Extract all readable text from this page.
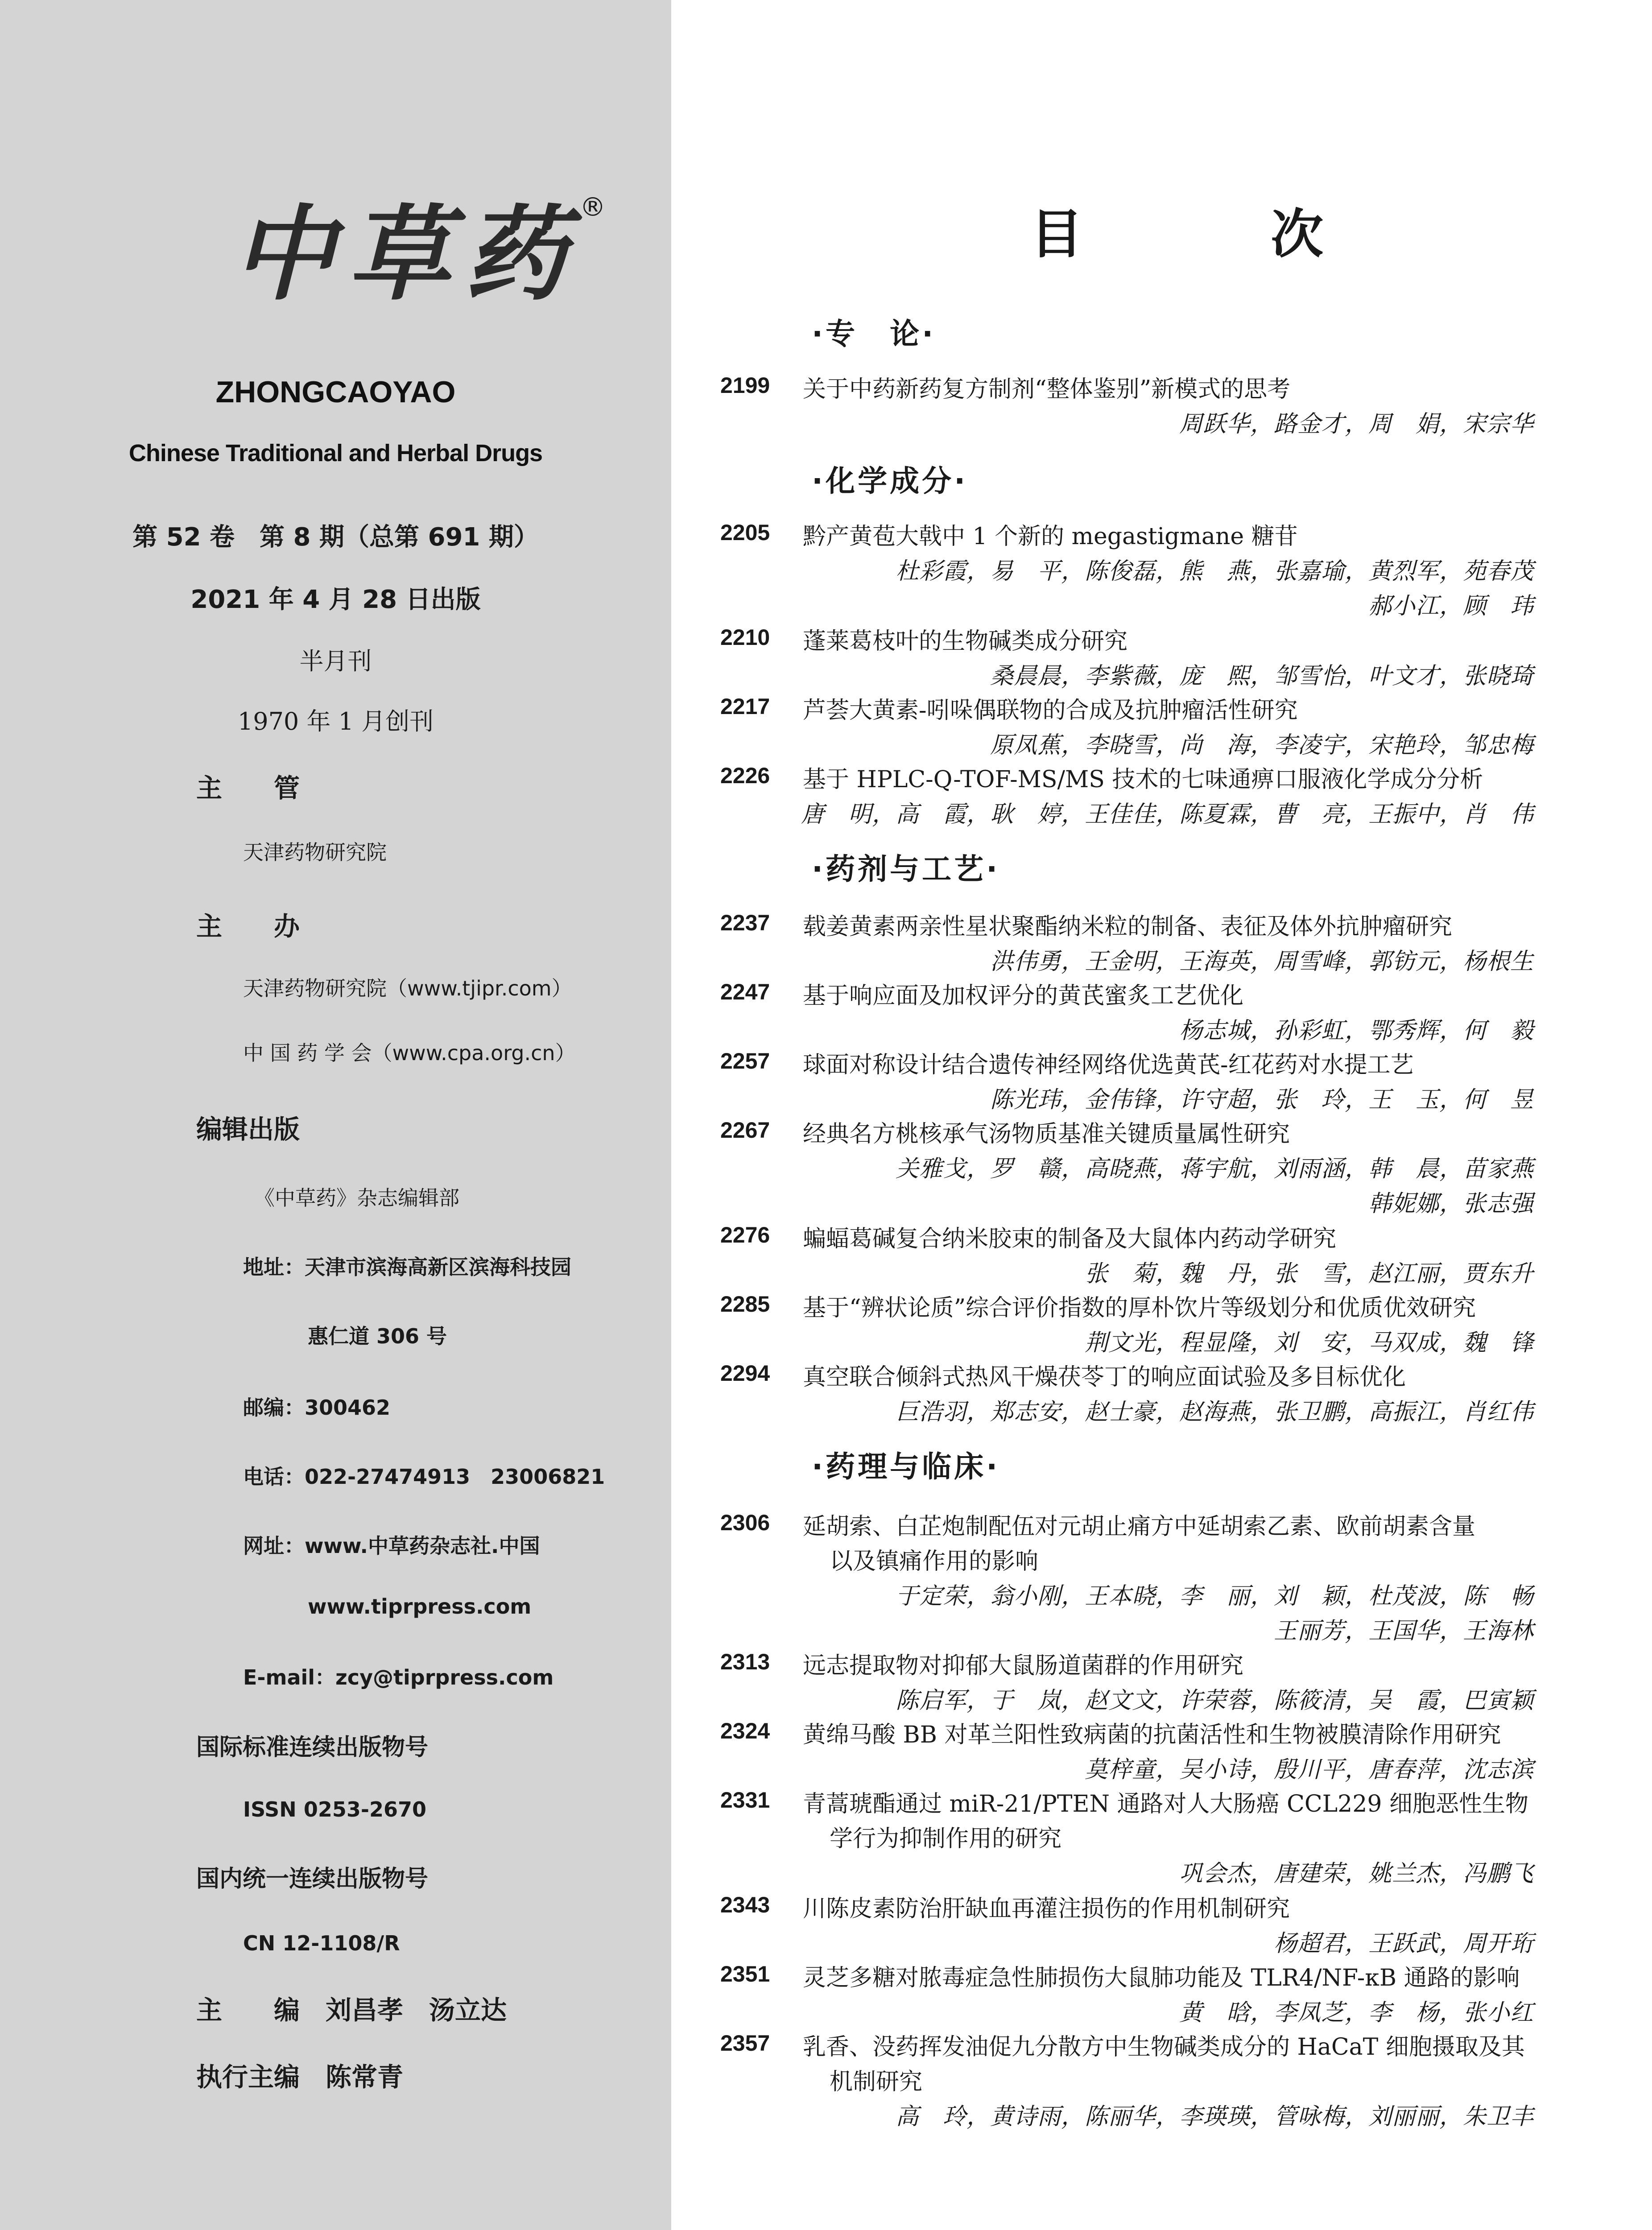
中草药 ®
ZHONGCAOYAO
Chinese Traditional and Herbal Drugs
第 52 卷　第 8 期（总第 691 期）
2021 年 4 月 28 日出版
半月刊
1970 年 1 月创刊
主　　管
天津药物研究院
主　　办
天津药物研究院（www.tjipr.com）
中 国 药 学 会（www.cpa.org.cn）
编辑出版
《中草药》杂志编辑部
地址：天津市滨海高新区滨海科技园
惠仁道 306 号
邮编：300462
电话：022-27474913　23006821
网址：www.中草药杂志社.中国
www.tiprpress.com
E-mail：zcy@tiprpress.com
国际标准连续出版物号
ISSN 0253-2670
国内统一连续出版物号
CN 12-1108/R
主　　编　刘昌孝　汤立达
执行主编　陈常青
目 次
·专　论·
·化学成分·
·药剂与工艺·
·药理与临床·
2199 关于中药新药复方制剂“整体鉴别”新模式的思考
周跃华，路金才，周　娟，宋宗华
2205 黔产黄苞大戟中 1 个新的 megastigmane 糖苷
杜彩霞，易　平，陈俊磊，熊　燕，张嘉瑜，黄烈军，苑春茂
郝小江，顾　玮
2210 蓬莱葛枝叶的生物碱类成分研究
桑晨晨，李紫薇，庞　熙，邹雪怡，叶文才，张晓琦
2217 芦荟大黄素-吲哚偶联物的合成及抗肿瘤活性研究
原凤蕉，李晓雪，尚　海，李凌宇，宋艳玲，邹忠梅
2226 基于 HPLC-Q-TOF-MS/MS 技术的七味通痹口服液化学成分分析
唐　明，高　霞，耿　婷，王佳佳，陈夏霖，曹　亮，王振中，肖　伟
2237 载姜黄素两亲性星状聚酯纳米粒的制备、表征及体外抗肿瘤研究
洪伟勇，王金明，王海英，周雪峰，郭钫元，杨根生
2247 基于响应面及加权评分的黄芪蜜炙工艺优化
杨志城，孙彩虹，鄂秀辉，何　毅
2257 球面对称设计结合遗传神经网络优选黄芪-红花药对水提工艺
陈光玮，金伟锋，许守超，张　玲，王　玉，何　昱
2267 经典名方桃核承气汤物质基准关键质量属性研究
关雅戈，罗　赣，高晓燕，蒋宇航，刘雨涵，韩　晨，苗家燕
韩妮娜，张志强
2276 蝙蝠葛碱复合纳米胶束的制备及大鼠体内药动学研究
张　菊，魏　丹，张　雪，赵江丽，贾东升
2285 基于“辨状论质”综合评价指数的厚朴饮片等级划分和优质优效研究
荆文光，程显隆，刘　安，马双成，魏　锋
2294 真空联合倾斜式热风干燥茯苓丁的响应面试验及多目标优化
巨浩羽，郑志安，赵士豪，赵海燕，张卫鹏，高振江，肖红伟
2306 延胡索、白芷炮制配伍对元胡止痛方中延胡索乙素、欧前胡素含量
以及镇痛作用的影响
于定荣，翁小刚，王本晓，李　丽，刘　颖，杜茂波，陈　畅
王丽芳，王国华，王海林
2313 远志提取物对抑郁大鼠肠道菌群的作用研究
陈启军，于　岚，赵文文，许荣蓉，陈筱清，吴　霞，巴寅颖
2324 黄绵马酸 BB 对革兰阳性致病菌的抗菌活性和生物被膜清除作用研究
莫梓童，吴小诗，殷川平，唐春萍，沈志滨
2331 青蒿琥酯通过 miR-21/PTEN 通路对人大肠癌 CCL229 细胞恶性生物
学行为抑制作用的研究
巩会杰，唐建荣，姚兰杰，冯鹏飞
2343 川陈皮素防治肝缺血再灌注损伤的作用机制研究
杨超君，王跃武，周开珩
2351 灵芝多糖对脓毒症急性肺损伤大鼠肺功能及 TLR4/NF-κB 通路的影响
黄　晗，李凤芝，李　杨，张小红
2357 乳香、没药挥发油促九分散方中生物碱类成分的 HaCaT 细胞摄取及其
机制研究
高　玲，黄诗雨，陈丽华，李瑛瑛，管咏梅，刘丽丽，朱卫丰
